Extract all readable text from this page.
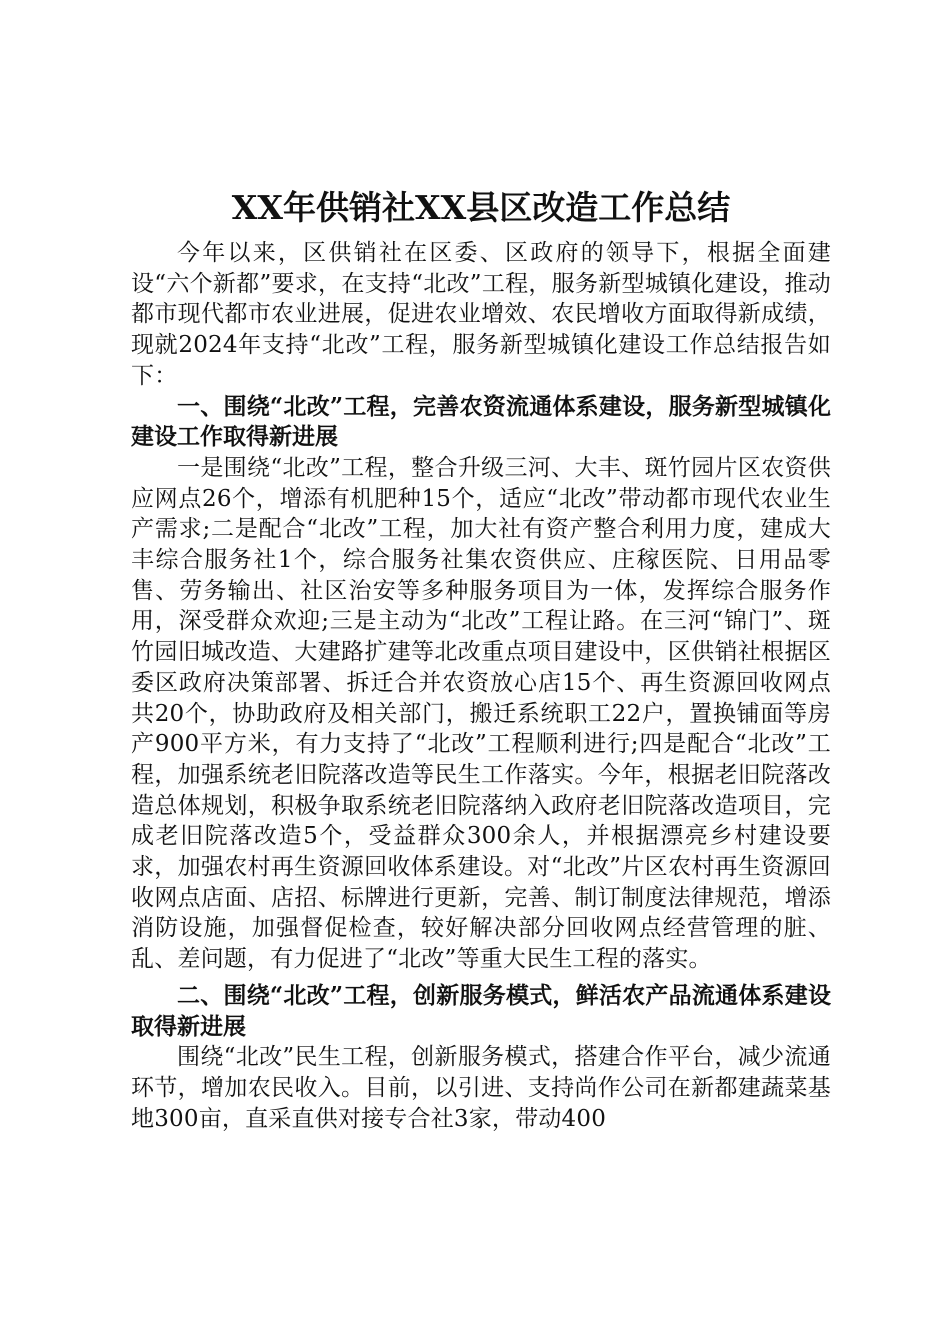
XX年供销社XX县区改造工作总结

今年以来，区供销社在区委、区政府的领导下，根据全面建设“六个新都”要求，在支持“北改”工程，服务新型城镇化建设，推动都市现代都市农业进展，促进农业增效、农民增收方面取得新成绩，现就2024年支持“北改”工程，服务新型城镇化建设工作总结报告如下：

一、围绕“北改”工程，完善农资流通体系建设，服务新型城镇化建设工作取得新进展

一是围绕“北改”工程，整合升级三河、大丰、斑竹园片区农资供应网点26个，增添有机肥种15个，适应“北改”带动都市现代农业生产需求;二是配合“北改”工程，加大社有资产整合利用力度，建成大丰综合服务社1个，综合服务社集农资供应、庄稼医院、日用品零售、劳务输出、社区治安等多种服务项目为一体，发挥综合服务作用，深受群众欢迎;三是主动为“北改”工程让路。在三河“锦门”、斑竹园旧城改造、大建路扩建等北改重点项目建设中，区供销社根据区委区政府决策部署、拆迁合并农资放心店15个、再生资源回收网点共20个，协助政府及相关部门，搬迁系统职工22户，置换铺面等房产900平方米，有力支持了“北改”工程顺利进行;四是配合“北改”工程，加强系统老旧院落改造等民生工作落实。今年，根据老旧院落改造总体规划，积极争取系统老旧院落纳入政府老旧院落改造项目，完成老旧院落改造5个，受益群众300余人，并根据漂亮乡村建设要求，加强农村再生资源回收体系建设。对“北改”片区农村再生资源回收网点店面、店招、标牌进行更新，完善、制订制度法律规范，增添消防设施，加强督促检查，较好解决部分回收网点经营管理的脏、乱、差问题，有力促进了“北改”等重大民生工程的落实。

二、围绕“北改”工程，创新服务模式，鲜活农产品流通体系建设取得新进展

围绕“北改”民生工程，创新服务模式，搭建合作平台，减少流通环节，增加农民收入。目前，以引进、支持尚作公司在新都建蔬菜基地300亩，直采直供对接专合社3家，带动400
